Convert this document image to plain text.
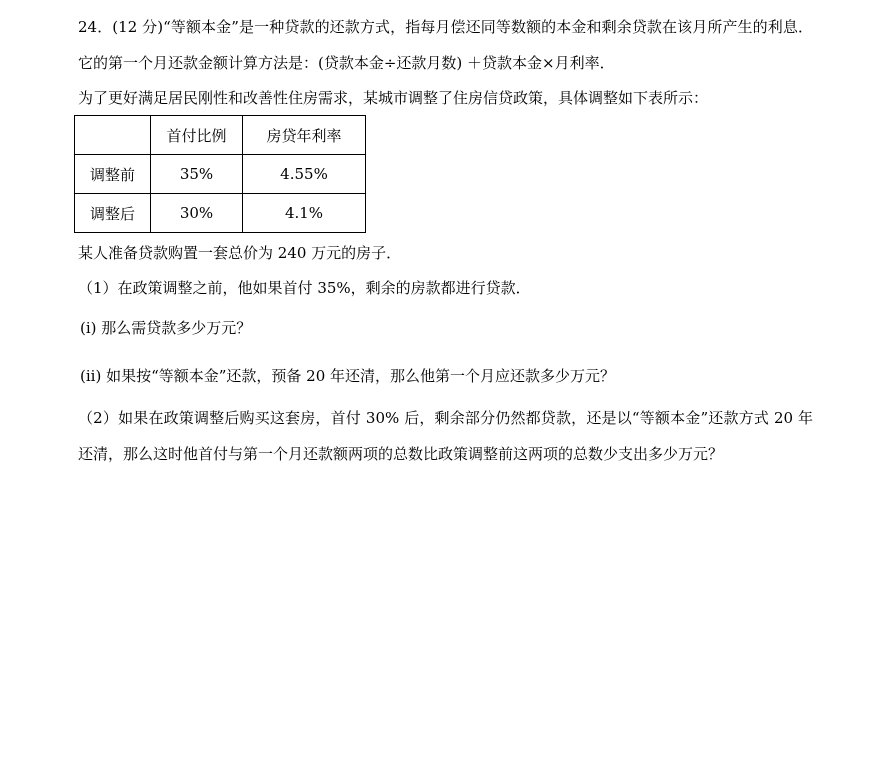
24．(12 分)“等额本金”是一种贷款的还款方式，指每月偿还同等数额的本金和剩余贷款在该月所产生的利息．它的第一个月还款金额计算方法是：(贷款本金÷还款月数) ＋贷款本金×月利率．
为了更好满足居民刚性和改善性住房需求，某城市调整了住房信贷政策，具体调整如下表所示：
	首付比例	房贷年利率
调整前	35%	4.55%
调整后	30%	4.1%
某人准备贷款购置一套总价为 240 万元的房子．
（1）在政策调整之前，他如果首付 35%，剩余的房款都进行贷款．
(i) 那么需贷款多少万元？
(ii) 如果按“等额本金”还款，预备 20 年还清，那么他第一个月应还款多少万元？
（2）如果在政策调整后购买这套房，首付 30% 后，剩余部分仍然都贷款，还是以“等额本金”还款方式 20 年还清，那么这时他首付与第一个月还款额两项的总数比政策调整前这两项的总数少支出多少万元？
